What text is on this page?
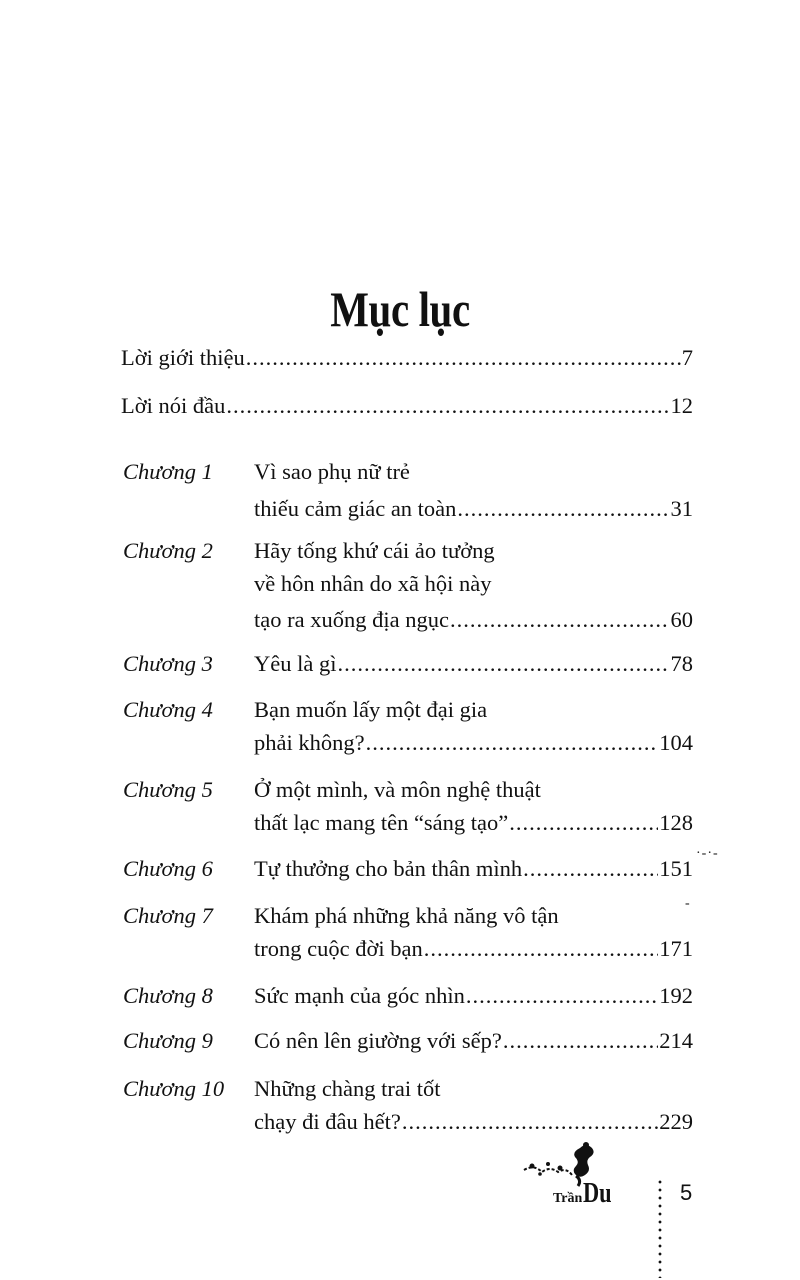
Mục lục
Lời giới thiệu .....	7
Lời nói đầu .....	12
Chương 1 Vì sao phụ nữ trẻ
thiếu cảm giác an toàn .....	31
Chương 2 Hãy tống khứ cái ảo tưởng
về hôn nhân do xã hội này
tạo ra xuống địa ngục .....	60
Chương 3 Yêu là gì .....	78
Chương 4 Bạn muốn lấy một đại gia
phải không? .....	104
Chương 5 Ở một mình, và môn nghệ thuật
thất lạc mang tên “sáng tạo” .....	128
Chương 6 Tự thưởng cho bản thân mình .....	151
·-·-
-
Chương 7 Khám phá những khả năng vô tận
trong cuộc đời bạn .....	171
Chương 8 Sức mạnh của góc nhìn .....	192
Chương 9 Có nên lên giường với sếp? .....	214
Chương 10 Những chàng trai tốt
chạy đi đâu hết? .....	229
TrầnDu	5
